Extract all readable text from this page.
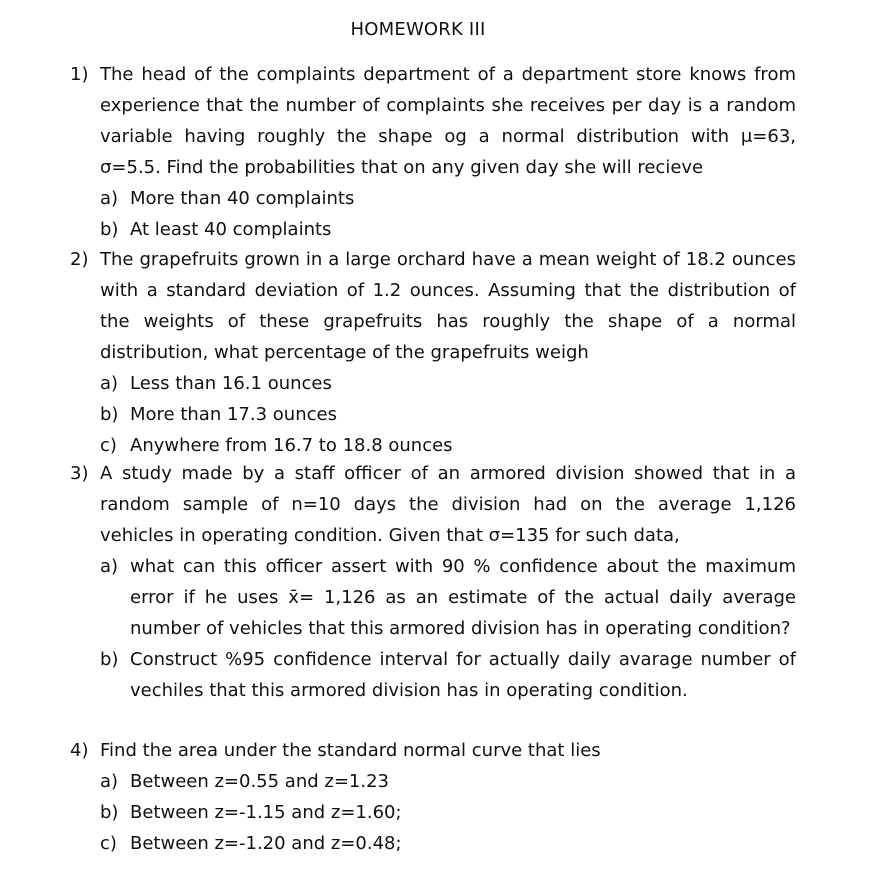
HOMEWORK III
1) The head of the complaints department of a department store knows from experience that the number of complaints she receives per day is a random variable having roughly the shape og a normal distribution with μ=63, σ=5.5. Find the probabilities that on any given day she will recieve
a) More than 40 complaints
b) At least 40 complaints
2) The grapefruits grown in a large orchard have a mean weight of 18.2 ounces with a standard deviation of 1.2 ounces. Assuming that the distribution of the weights of these grapefruits has roughly the shape of a normal distribution, what percentage of the grapefruits weigh
a) Less than 16.1 ounces
b) More than 17.3 ounces
c) Anywhere from 16.7 to 18.8 ounces
3) A study made by a staff officer of an armored division showed that in a random sample of n=10 days the division had on the average 1,126 vehicles in operating condition. Given that σ=135 for such data,
a) what can this officer assert with 90 % confidence about the maximum error if he uses x̄= 1,126 as an estimate of the actual daily average number of vehicles that this armored division has in operating condition?
b) Construct %95 confidence interval for actually daily avarage number of vechiles that this armored division has in operating condition.
4) Find the area under the standard normal curve that lies
a) Between z=0.55 and z=1.23
b) Between z=-1.15 and z=1.60;
c) Between z=-1.20 and z=0.48;
